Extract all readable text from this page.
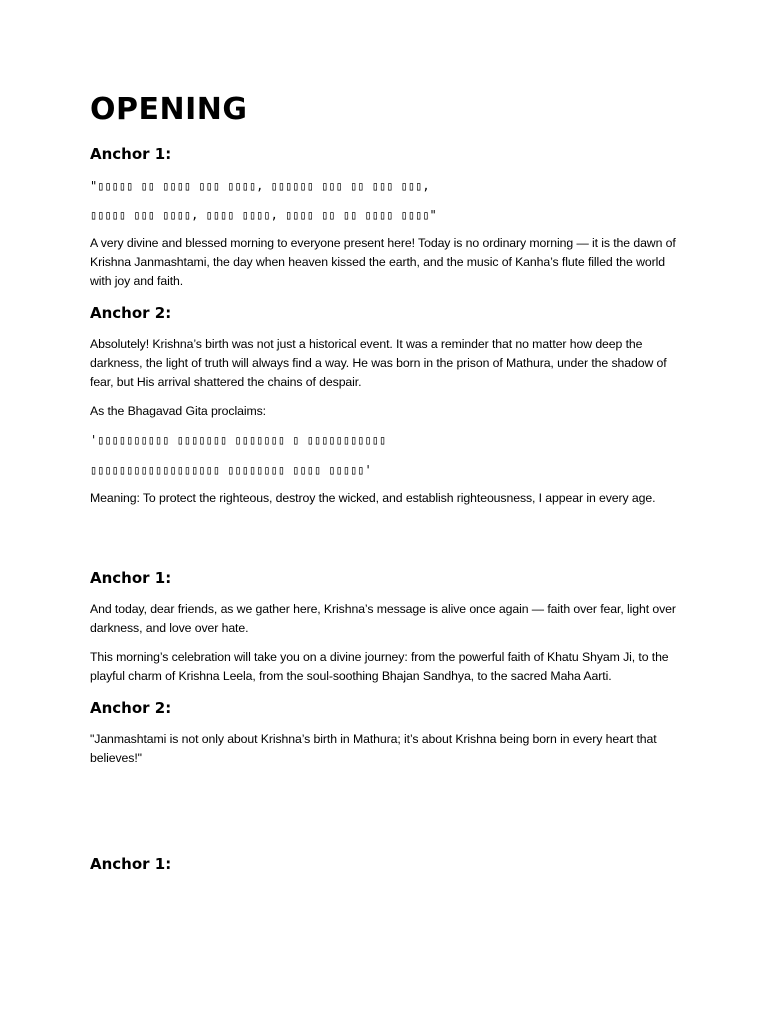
OPENING
Anchor 1:
"▯▯▯▯▯ ▯▯ ▯▯▯▯ ▯▯▯ ▯▯▯▯, ▯▯▯▯▯▯ ▯▯▯ ▯▯ ▯▯▯ ▯▯▯,
▯▯▯▯▯ ▯▯▯ ▯▯▯▯, ▯▯▯▯ ▯▯▯▯, ▯▯▯▯ ▯▯ ▯▯ ▯▯▯▯ ▯▯▯▯"

A very divine and blessed morning to everyone present here! Today is no ordinary morning — it is the dawn of Krishna Janmashtami, the day when heaven kissed the earth, and the music of Kanha’s flute filled the world with joy and faith.

Anchor 2:

Absolutely! Krishna’s birth was not just a historical event. It was a reminder that no matter how deep the darkness, the light of truth will always find a way. He was born in the prison of Mathura, under the shadow of fear, but His arrival shattered the chains of despair.

As the Bhagavad Gita proclaims:

'▯▯▯▯▯▯▯▯▯▯ ▯▯▯▯▯▯▯ ▯▯▯▯▯▯▯ ▯ ▯▯▯▯▯▯▯▯▯▯▯
▯▯▯▯▯▯▯▯▯▯▯▯▯▯▯▯▯▯ ▯▯▯▯▯▯▯▯ ▯▯▯▯ ▯▯▯▯▯'

Meaning: To protect the righteous, destroy the wicked, and establish righteousness, I appear in every age.

Anchor 1:

And today, dear friends, as we gather here, Krishna’s message is alive once again — faith over fear, light over darkness, and love over hate.

This morning’s celebration will take you on a divine journey: from the powerful faith of Khatu Shyam Ji, to the playful charm of Krishna Leela, from the soul-soothing Bhajan Sandhya, to the sacred Maha Aarti.

Anchor 2:

"Janmashtami is not only about Krishna’s birth in Mathura; it’s about Krishna being born in every heart that believes!"

Anchor 1:
